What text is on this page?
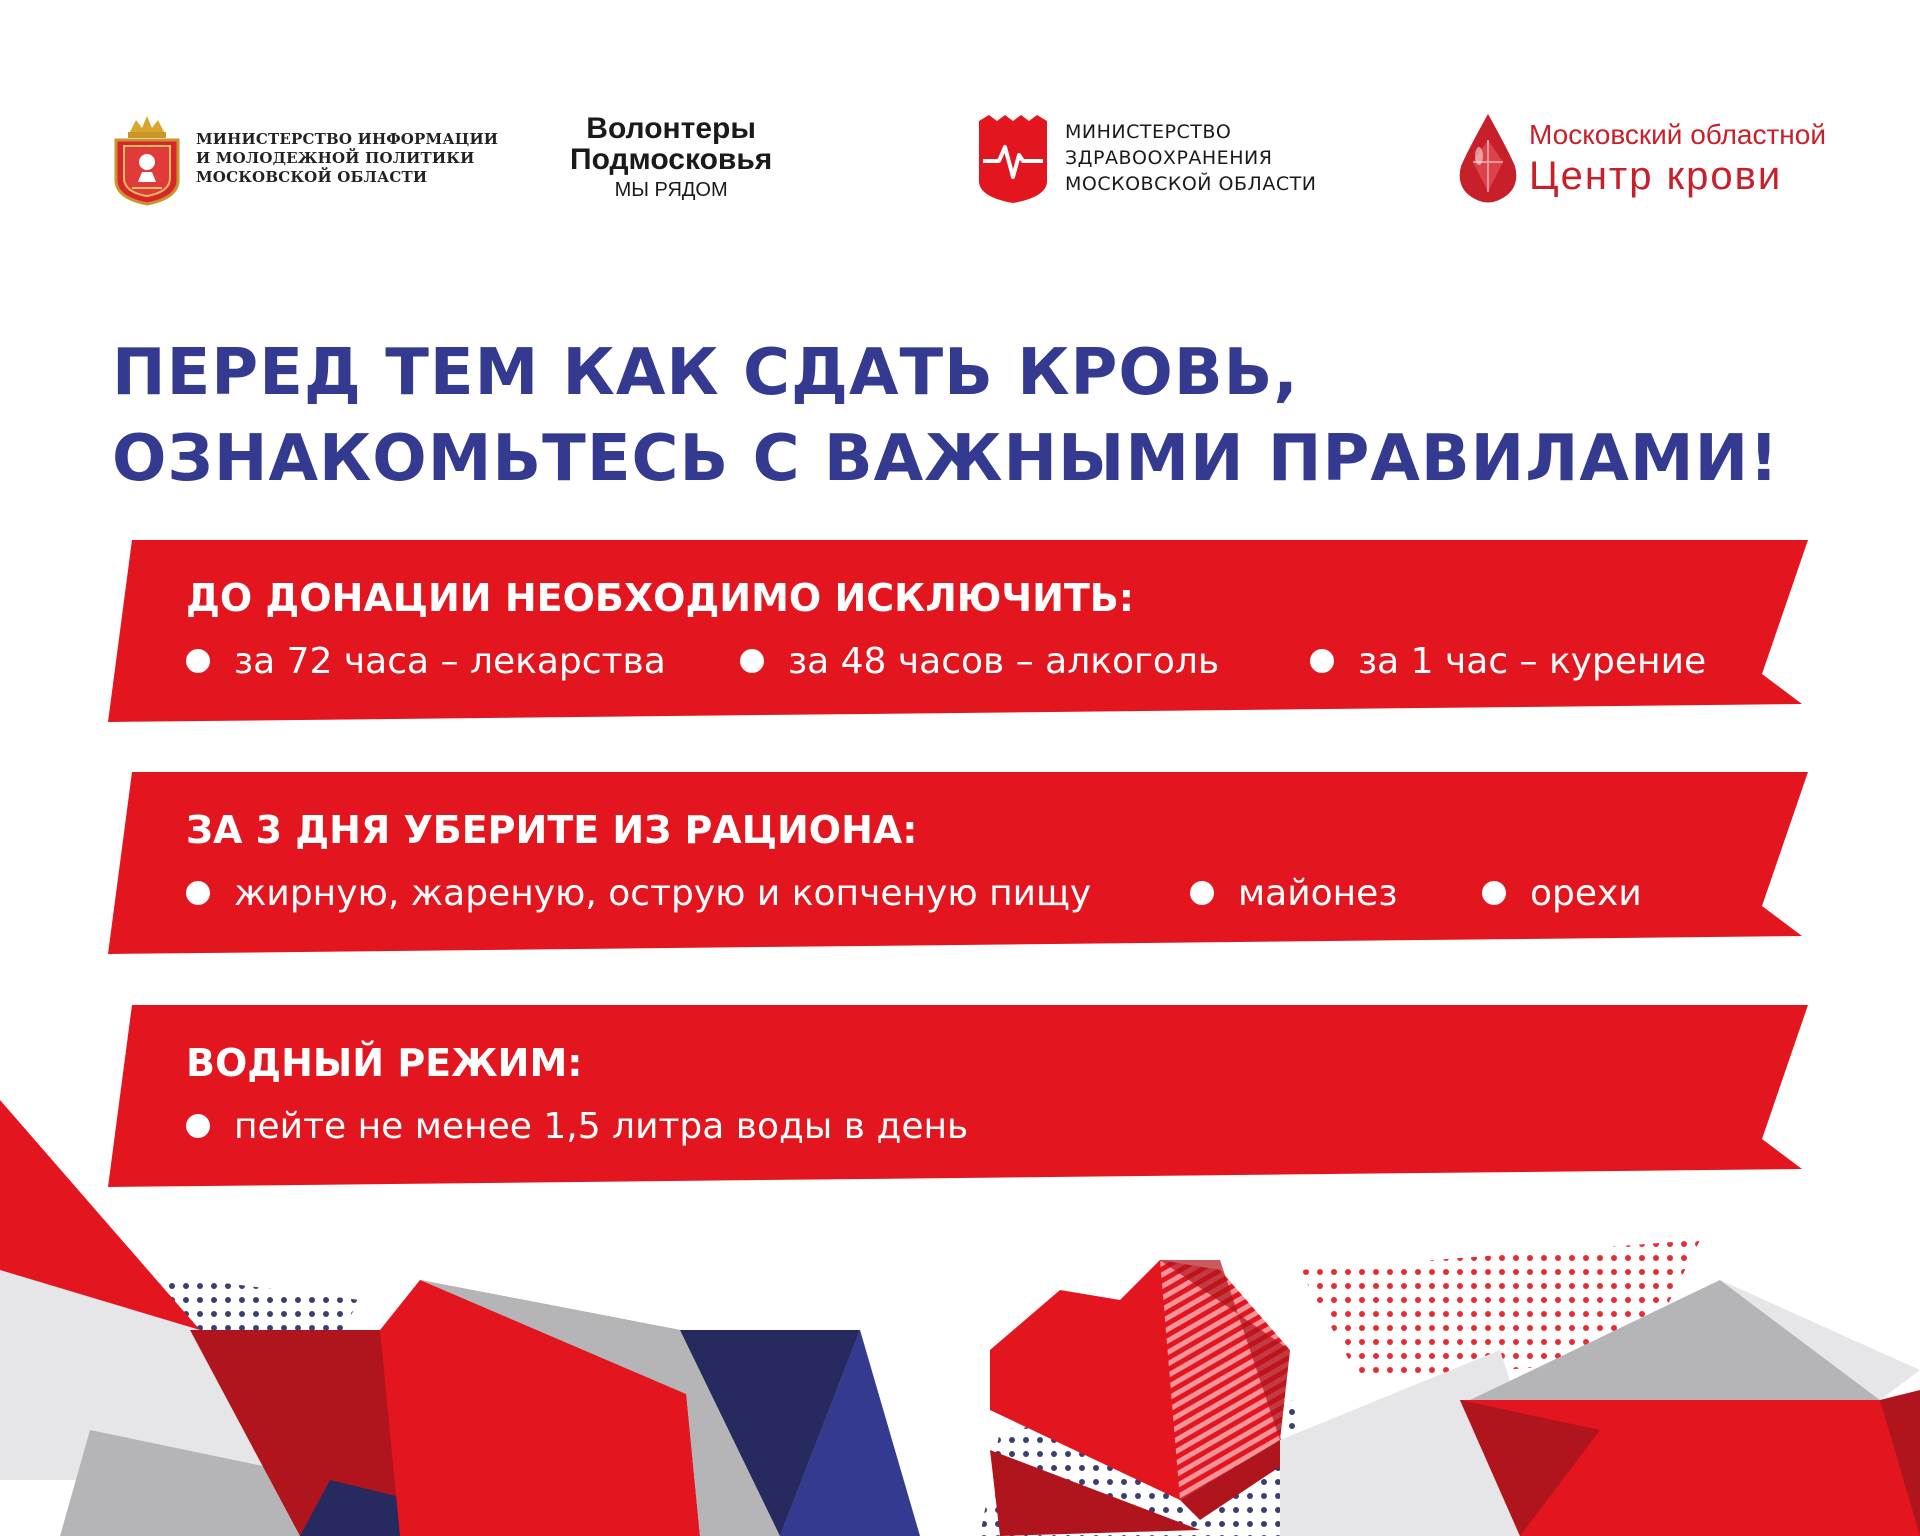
МИНИСТЕРСТВО ИНФОРМАЦИИ
И МОЛОДЕЖНОЙ ПОЛИТИКИ
МОСКОВСКОЙ ОБЛАСТИ
Волонтеры
Подмосковья
МЫ РЯДОМ
МИНИСТЕРСТВО
ЗДРАВООХРАНЕНИЯ
МОСКОВСКОЙ ОБЛАСТИ
Московский областной
Центр крови
ПЕРЕД ТЕМ КАК СДАТЬ КРОВЬ,
ОЗНАКОМЬТЕСЬ С ВАЖНЫМИ ПРАВИЛАМИ!
ДО ДОНАЦИИ НЕОБХОДИМО ИСКЛЮЧИТЬ:
за 72 часа – лекарства	за 48 часов – алкоголь	за 1 час – курение
ЗА 3 ДНЯ УБЕРИТЕ ИЗ РАЦИОНА:
жирную, жареную, острую и копченую пищу	майонез	орехи
ВОДНЫЙ РЕЖИМ:
пейте не менее 1,5 литра воды в день
